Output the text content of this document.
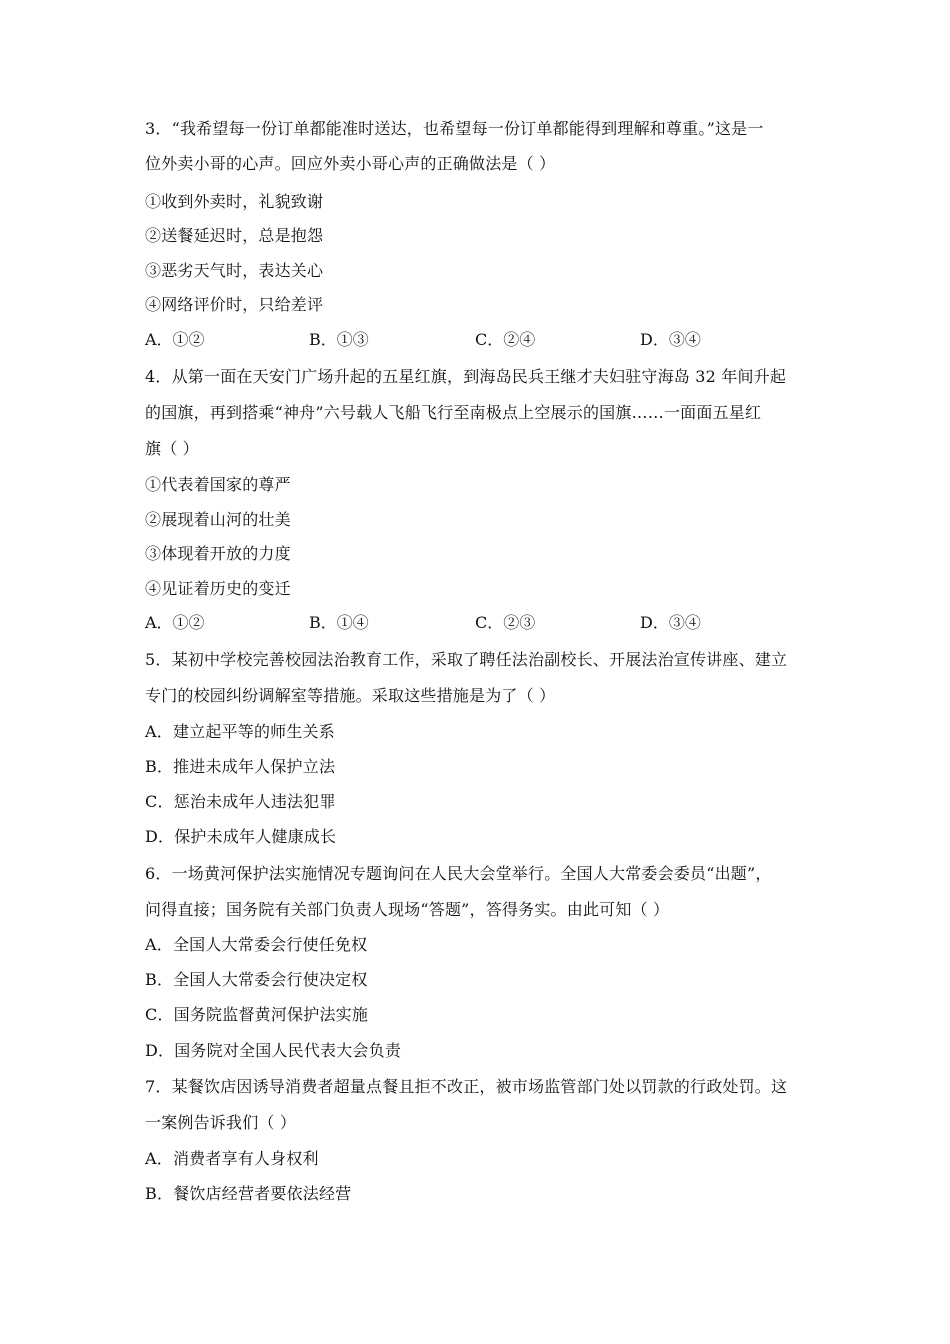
3．“我希望每一份订单都能准时送达，也希望每一份订单都能得到理解和尊重。”这是一
位外卖小哥的心声。回应外卖小哥心声的正确做法是（ ）
①收到外卖时，礼貌致谢
②送餐延迟时，总是抱怨
③恶劣天气时，表达关心
④网络评价时，只给差评
A．①②	B．①③	C．②④	D．③④
4．从第一面在天安门广场升起的五星红旗，到海岛民兵王继才夫妇驻守海岛 32 年间升起
的国旗，再到搭乘“神舟”六号载人飞船飞行至南极点上空展示的国旗……一面面五星红
旗（ ）
①代表着国家的尊严
②展现着山河的壮美
③体现着开放的力度
④见证着历史的变迁
A．①②	B．①④	C．②③	D．③④
5．某初中学校完善校园法治教育工作，采取了聘任法治副校长、开展法治宣传讲座、建立
专门的校园纠纷调解室等措施。采取这些措施是为了（ ）
A．建立起平等的师生关系
B．推进未成年人保护立法
C．惩治未成年人违法犯罪
D．保护未成年人健康成长
6．一场黄河保护法实施情况专题询问在人民大会堂举行。全国人大常委会委员“出题”，
问得直接；国务院有关部门负责人现场“答题”，答得务实。由此可知（ ）
A．全国人大常委会行使任免权
B．全国人大常委会行使决定权
C．国务院监督黄河保护法实施
D．国务院对全国人民代表大会负责
7．某餐饮店因诱导消费者超量点餐且拒不改正，被市场监管部门处以罚款的行政处罚。这
一案例告诉我们（ ）
A．消费者享有人身权利
B．餐饮店经营者要依法经营
